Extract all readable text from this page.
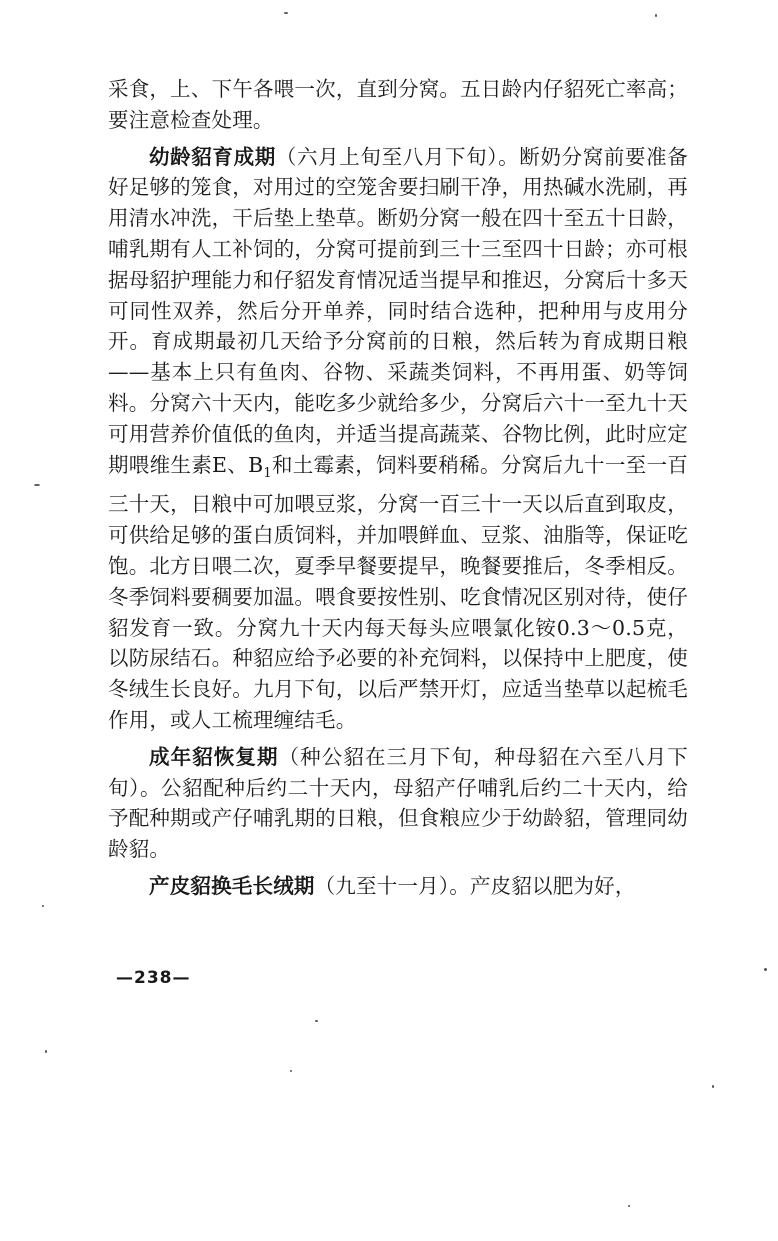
采食，上、下午各喂一次，直到分窝。五日龄内仔貂死亡率高；要注意检查处理。

幼龄貂育成期（六月上旬至八月下旬）。断奶分窝前要准备好足够的笼食，对用过的空笼舍要扫刷干净，用热碱水洗刷，再用清水冲洗，干后垫上垫草。断奶分窝一般在四十至五十日龄，哺乳期有人工补饲的，分窝可提前到三十三至四十日龄；亦可根据母貂护理能力和仔貂发育情况适当提早和推迟，分窝后十多天可同性双养，然后分开单养，同时结合选种，把种用与皮用分开。育成期最初几天给予分窝前的日粮，然后转为育成期日粮——基本上只有鱼肉、谷物、采蔬类饲料，不再用蛋、奶等饲料。分窝六十天内，能吃多少就给多少，分窝后六十一至九十天可用营养价值低的鱼肉，并适当提高蔬菜、谷物比例，此时应定期喂维生素E、$B_1$和土霉素，饲料要稍稀。分窝后九十一至一百三十天，日粮中可加喂豆浆，分窝一百三十一天以后直到取皮，可供给足够的蛋白质饲料，并加喂鲜血、豆浆、油脂等，保证吃饱。北方日喂二次，夏季早餐要提早，晚餐要推后，冬季相反。冬季饲料要稠要加温。喂食要按性别、吃食情况区别对待，使仔貂发育一致。分窝九十天内每天每头应喂氯化铵0.3～0.5克，以防尿结石。种貂应给予必要的补充饲料，以保持中上肥度，使冬绒生长良好。九月下旬，以后严禁开灯，应适当垫草以起梳毛作用，或人工梳理缠结毛。

成年貂恢复期（种公貂在三月下旬，种母貂在六至八月下旬）。公貂配种后约二十天内，母貂产仔哺乳后约二十天内，给予配种期或产仔哺乳期的日粮，但食粮应少于幼龄貂，管理同幼龄貂。

产皮貂换毛长绒期（九至十一月）。产皮貂以肥为好，

—238—
